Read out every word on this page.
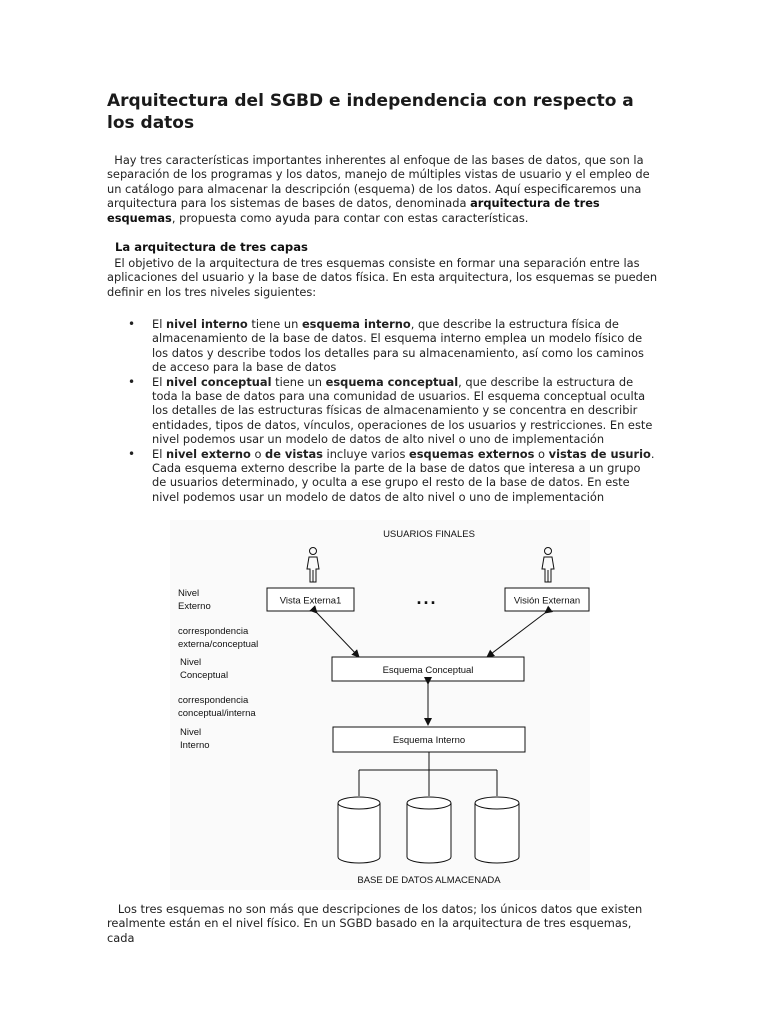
Arquitectura del SGBD e independencia con respecto a los datos

Hay tres características importantes inherentes al enfoque de las bases de datos, que son la separación de los programas y los datos, manejo de múltiples vistas de usuario y el empleo de un catálogo para almacenar la descripción (esquema) de los datos. Aquí especificaremos una arquitectura para los sistemas de bases de datos, denominada arquitectura de tres esquemas, propuesta como ayuda para contar con estas características.

La arquitectura de tres capas

El objetivo de la arquitectura de tres esquemas consiste en formar una separación entre las aplicaciones del usuario y la base de datos física. En esta arquitectura, los esquemas se pueden definir en los tres niveles siguientes:

• El nivel interno tiene un esquema interno, que describe la estructura física de almacenamiento de la base de datos. El esquema interno emplea un modelo físico de los datos y describe todos los detalles para su almacenamiento, así como los caminos de acceso para la base de datos
• El nivel conceptual tiene un esquema conceptual, que describe la estructura de toda la base de datos para una comunidad de usuarios. El esquema conceptual oculta los detalles de las estructuras físicas de almacenamiento y se concentra en describir entidades, tipos de datos, vínculos, operaciones de los usuarios y restricciones. En este nivel podemos usar un modelo de datos de alto nivel o uno de implementación
• El nivel externo o de vistas incluye varios esquemas externos o vistas de usurio. Cada esquema externo describe la parte de la base de datos que interesa a un grupo de usuarios determinado, y oculta a ese grupo el resto de la base de datos. En este nivel podemos usar un modelo de datos de alto nivel o uno de implementación
USUARIOS FINALES
Nivel
Externo
correspondencia
externa/conceptual
Nivel
Conceptual
correspondencia
conceptual/interna
Nivel
Interno
Vista Externa1	...	Visión Externan
Esquema Conceptual
Esquema Interno
BASE DE DATOS ALMACENADA

Los tres esquemas no son más que descripciones de los datos; los únicos datos que existen realmente están en el nivel físico. En un SGBD basado en la arquitectura de tres esquemas, cada
